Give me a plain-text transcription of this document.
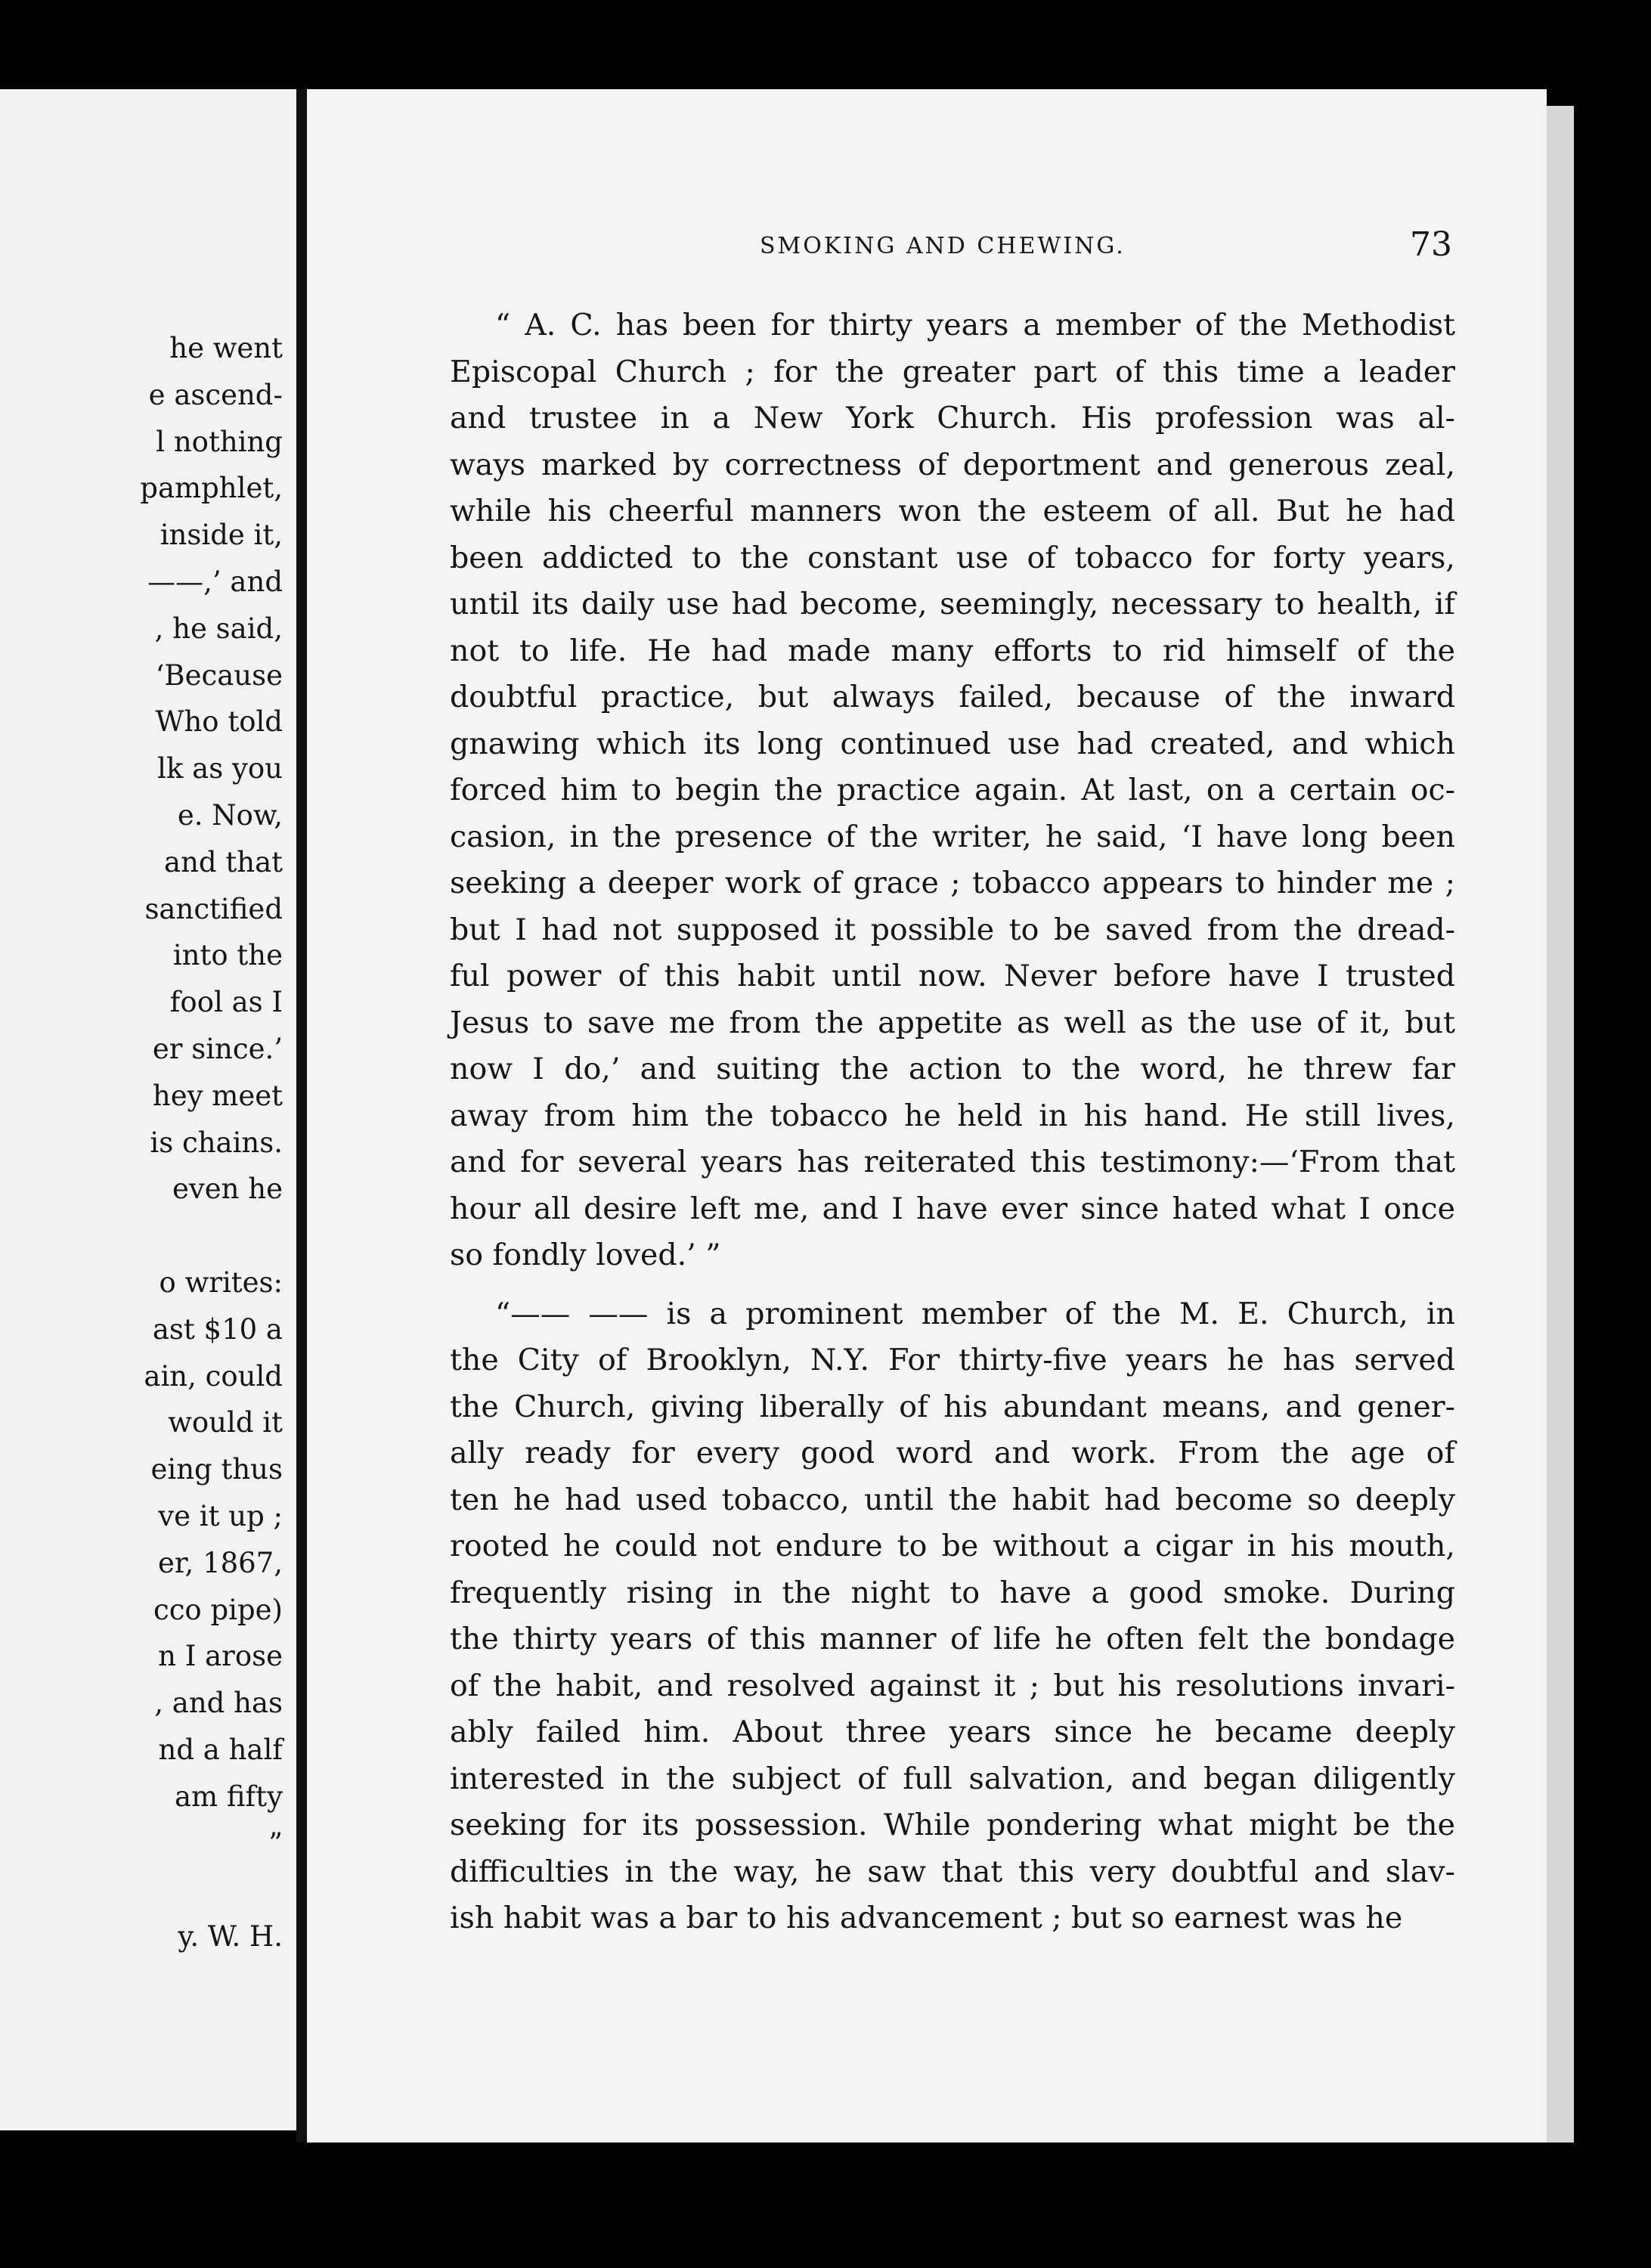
he went
e ascend-
l nothing
pamphlet,
inside it,
——,’ and
, he said,
‘Because
Who told
lk as you
e. Now,
and that
sanctified
into the
fool as I
er since.’
hey meet
is chains.
even he
o writes:
ast $10 a
ain, could
would it
eing thus
ve it up ;
er, 1867,
cco pipe)
n I arose
, and has
nd a half
am fifty
”
y. W. H.
SMOKING AND CHEWING.	73

“ A. C. has been for thirty years a member of the Methodist
Episcopal Church ; for the greater part of this time a leader
and trustee in a New York Church. His profession was al-
ways marked by correctness of deportment and generous zeal,
while his cheerful manners won the esteem of all. But he had
been addicted to the constant use of tobacco for forty years,
until its daily use had become, seemingly, necessary to health, if
not to life. He had made many efforts to rid himself of the
doubtful practice, but always failed, because of the inward
gnawing which its long continued use had created, and which
forced him to begin the practice again. At last, on a certain oc-
casion, in the presence of the writer, he said, ‘I have long been
seeking a deeper work of grace ; tobacco appears to hinder me ;
but I had not supposed it possible to be saved from the dread-
ful power of this habit until now. Never before have I trusted
Jesus to save me from the appetite as well as the use of it, but
now I do,’ and suiting the action to the word, he threw far
away from him the tobacco he held in his hand. He still lives,
and for several years has reiterated this testimony:—‘From that
hour all desire left me, and I have ever since hated what I once
so fondly loved.’ ”

“—— —— is a prominent member of the M. E. Church, in
the City of Brooklyn, N.Y. For thirty-five years he has served
the Church, giving liberally of his abundant means, and gener-
ally ready for every good word and work. From the age of
ten he had used tobacco, until the habit had become so deeply
rooted he could not endure to be without a cigar in his mouth,
frequently rising in the night to have a good smoke. During
the thirty years of this manner of life he often felt the bondage
of the habit, and resolved against it ; but his resolutions invari-
ably failed him. About three years since he became deeply
interested in the subject of full salvation, and began diligently
seeking for its possession. While pondering what might be the
difficulties in the way, he saw that this very doubtful and slav-
ish habit was a bar to his advancement ; but so earnest was he
